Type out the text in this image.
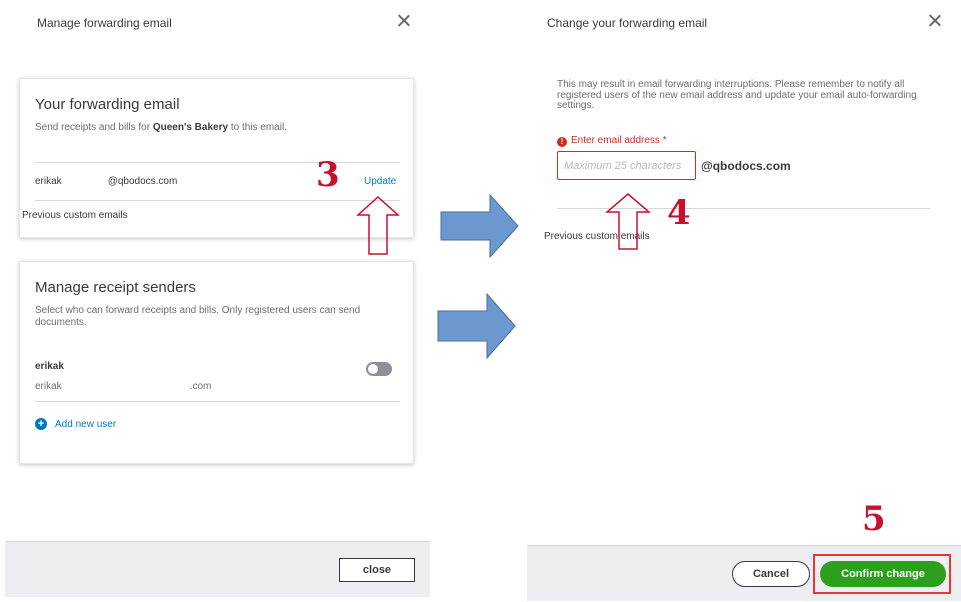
Manage forwarding email
Your forwarding email
Send receipts and bills for Queen's Bakery to this email.
erikak	@qbodocs.com	Update
Previous custom emails
Manage receipt senders
Select who can forward receipts and bills. Only registered users can send documents.
erikak
erikak	.com
+ Add new user
close
3
Change your forwarding email
This may result in email forwarding interruptions. Please remember to notify all registered users of the new email address and update your email auto-forwarding settings.
! Enter email address *
Maximum 25 characters
@qbodocs.com
Previous custom emails
Cancel	Confirm change
4
5
